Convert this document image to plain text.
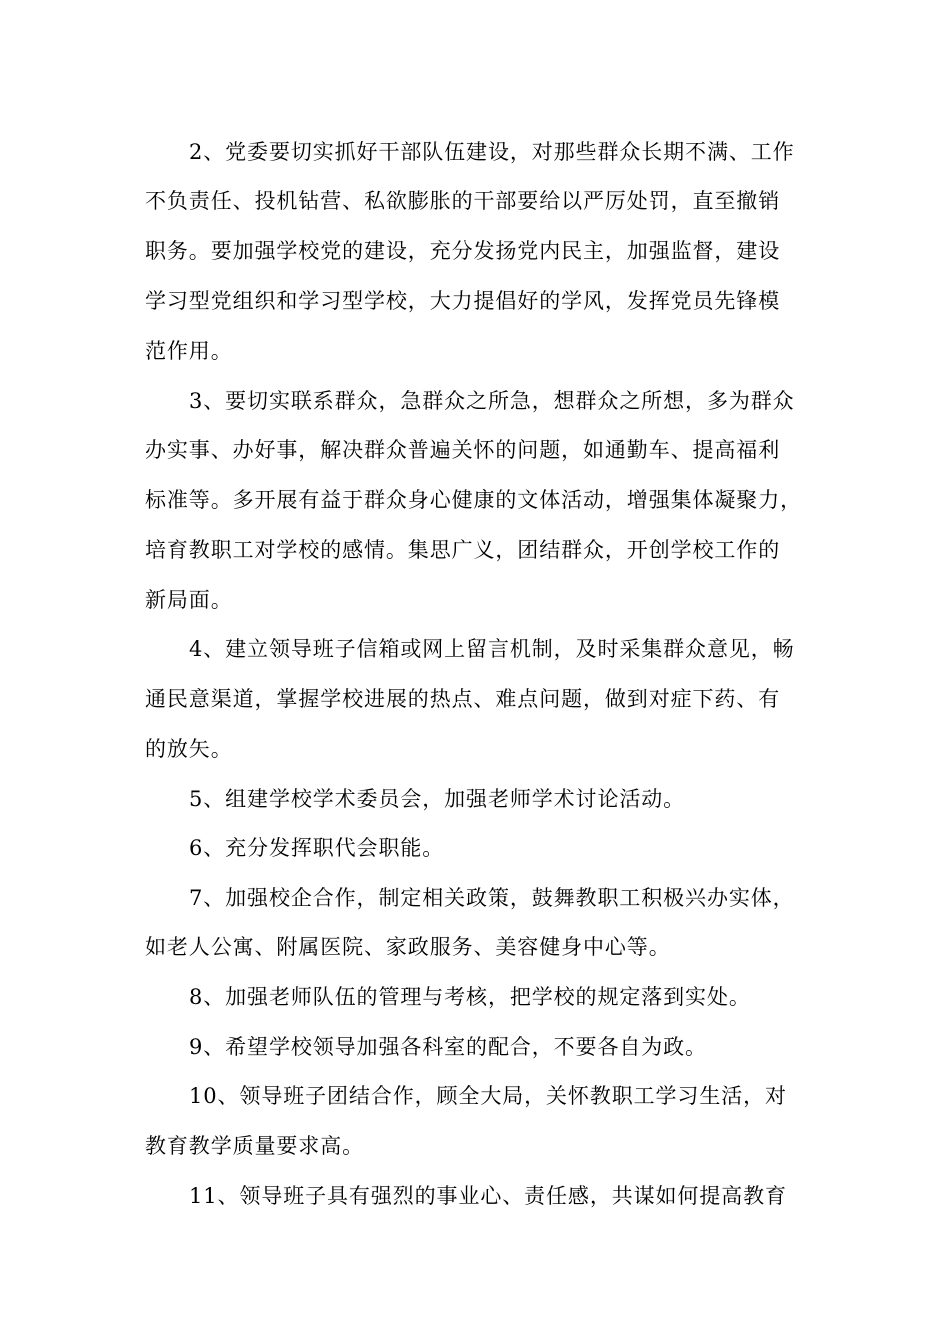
2、党委要切实抓好干部队伍建设，对那些群众长期不满、工作

不负责任、投机钻营、私欲膨胀的干部要给以严厉处罚，直至撤销

职务。要加强学校党的建设，充分发扬党内民主，加强监督，建设

学习型党组织和学习型学校，大力提倡好的学风，发挥党员先锋模

范作用。

3、要切实联系群众，急群众之所急，想群众之所想，多为群众

办实事、办好事，解决群众普遍关怀的问题，如通勤车、提高福利

标准等。多开展有益于群众身心健康的文体活动，增强集体凝聚力，

培育教职工对学校的感情。集思广义，团结群众，开创学校工作的

新局面。

4、建立领导班子信箱或网上留言机制，及时采集群众意见，畅

通民意渠道，掌握学校进展的热点、难点问题，做到对症下药、有

的放矢。

5、组建学校学术委员会，加强老师学术讨论活动。

6、充分发挥职代会职能。

7、加强校企合作，制定相关政策，鼓舞教职工积极兴办实体，

如老人公寓、附属医院、家政服务、美容健身中心等。

8、加强老师队伍的管理与考核，把学校的规定落到实处。

9、希望学校领导加强各科室的配合，不要各自为政。

10、领导班子团结合作，顾全大局，关怀教职工学习生活，对

教育教学质量要求高。

11、领导班子具有强烈的事业心、责任感，共谋如何提高教育
